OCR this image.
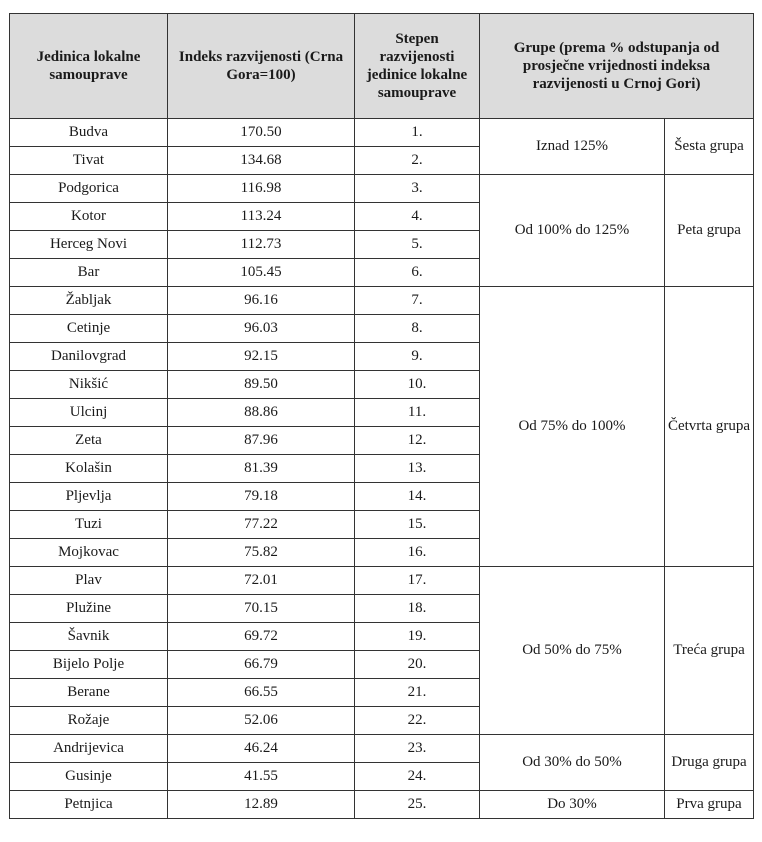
Jedinica lokalne samouprave	Indeks razvijenosti (Crna Gora=100)	Stepen razvijenosti jedinice lokalne samouprave	Grupe (prema % odstupanja od prosječne vrijednosti indeksa razvijenosti u Crnoj Gori)	
Budva	170.50	1.	Iznad 125%	Šesta grupa
Tivat	134.68	2.		
Podgorica	116.98	3.	Od 100% do 125%	Peta grupa
Kotor	113.24	4.		
Herceg Novi	112.73	5.		
Bar	105.45	6.		
Žabljak	96.16	7.	Od 75% do 100%	Četvrta grupa
Cetinje	96.03	8.		
Danilovgrad	92.15	9.		
Nikšić	89.50	10.		
Ulcinj	88.86	11.		
Zeta	87.96	12.		
Kolašin	81.39	13.		
Pljevlja	79.18	14.		
Tuzi	77.22	15.		
Mojkovac	75.82	16.		
Plav	72.01	17.	Od 50% do 75%	Treća grupa
Plužine	70.15	18.		
Šavnik	69.72	19.		
Bijelo Polje	66.79	20.		
Berane	66.55	21.		
Rožaje	52.06	22.		
Andrijevica	46.24	23.	Od 30% do 50%	Druga grupa
Gusinje	41.55	24.		
Petnjica	12.89	25.	Do 30%	Prva grupa
